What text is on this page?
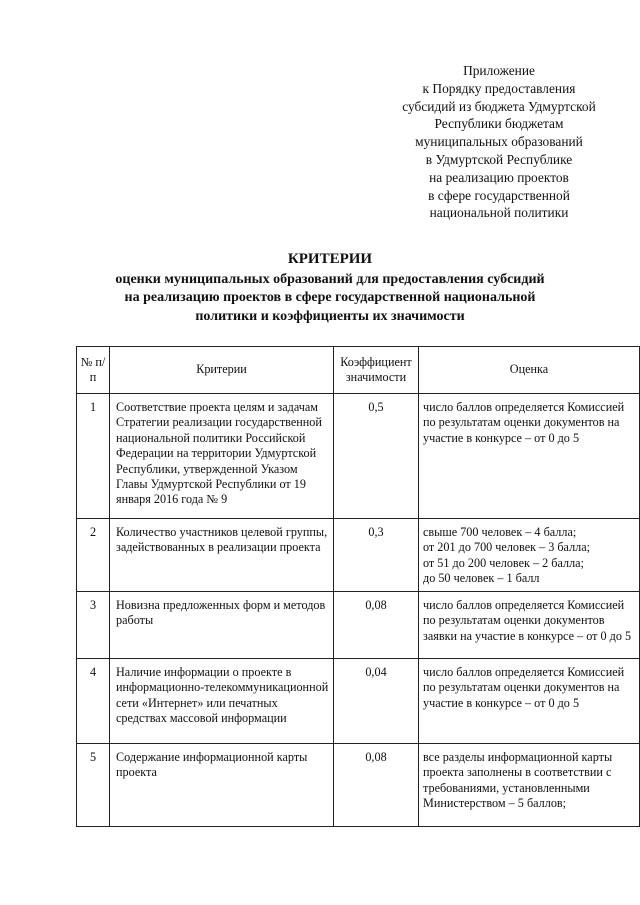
Приложение
к Порядку предоставления
субсидий из бюджета Удмуртской
Республики бюджетам
муниципальных образований
в Удмуртской Республике
на реализацию проектов
в сфере государственной
национальной политики
КРИТЕРИИ
оценки муниципальных образований для предоставления субсидий
на реализацию проектов в сфере государственной национальной
политики и коэффициенты их значимости
№ п/п	Критерии	Коэффициент значимости	Оценка
1	Соответствие проекта целям и задачам Стратегии реализации государственной национальной политики Российской Федерации на территории Удмуртской Республики, утвержденной Указом Главы Удмуртской Республики от 19 января 2016 года № 9	0,5	число баллов определяется Комиссией по результатам оценки документов на участие в конкурсе – от 0 до 5

2	Количество участников целевой группы, задействованных в реализации проекта	0,3	свыше 700 человек – 4 балла;
от 201 до 700 человек – 3 балла;
от 51 до 200 человек – 2 балла;
до 50 человек – 1 балл

3	Новизна предложенных форм и методов работы	0,08	число баллов определяется Комиссией по результатам оценки документов заявки на участие в конкурсе – от 0 до 5

4	Наличие информации о проекте в информационно-телекоммуникационной сети «Интернет» или печатных средствах массовой информации	0,04	число баллов определяется Комиссией по результатам оценки документов на участие в конкурсе – от 0 до 5

5	Содержание информационной карты проекта	0,08	все разделы информационной карты проекта заполнены в соответствии с требованиями, установленными Министерством – 5 баллов;
